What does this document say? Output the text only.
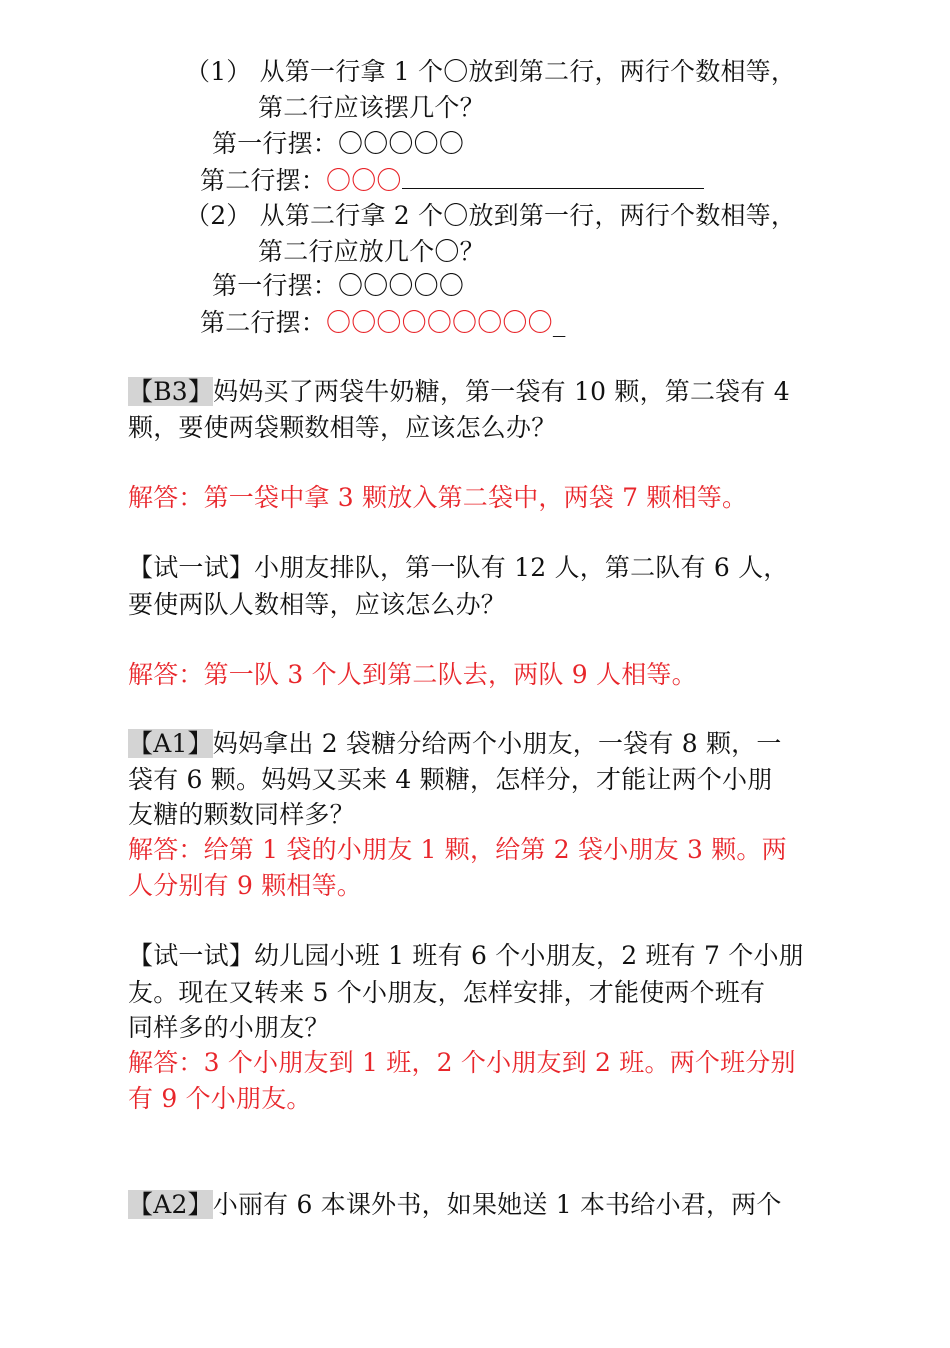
（1） 从第一行拿 1 个〇放到第二行，两行个数相等，
第二行应该摆几个？
第一行摆：〇〇〇〇〇
第二行摆：〇〇〇
（2） 从第二行拿 2 个〇放到第一行，两行个数相等，
第二行应放几个〇？
第一行摆：〇〇〇〇〇
第二行摆：〇〇〇〇〇〇〇〇〇_
【B3】妈妈买了两袋牛奶糖，第一袋有 10 颗，第二袋有 4
颗，要使两袋颗数相等，应该怎么办？
解答：第一袋中拿 3 颗放入第二袋中，两袋 7 颗相等。
【试一试】小朋友排队，第一队有 12 人，第二队有 6 人，
要使两队人数相等，应该怎么办？
解答：第一队 3 个人到第二队去，两队 9 人相等。
【A1】妈妈拿出 2 袋糖分给两个小朋友，一袋有 8 颗，一
袋有 6 颗。妈妈又买来 4 颗糖，怎样分，才能让两个小朋
友糖的颗数同样多？
解答：给第 1 袋的小朋友 1 颗，给第 2 袋小朋友 3 颗。两
人分别有 9 颗相等。
【试一试】幼儿园小班 1 班有 6 个小朋友，2 班有 7 个小朋
友。现在又转来 5 个小朋友，怎样安排，才能使两个班有
同样多的小朋友？
解答：3 个小朋友到 1 班，2 个小朋友到 2 班。两个班分别
有 9 个小朋友。
【A2】小丽有 6 本课外书，如果她送 1 本书给小君，两个
